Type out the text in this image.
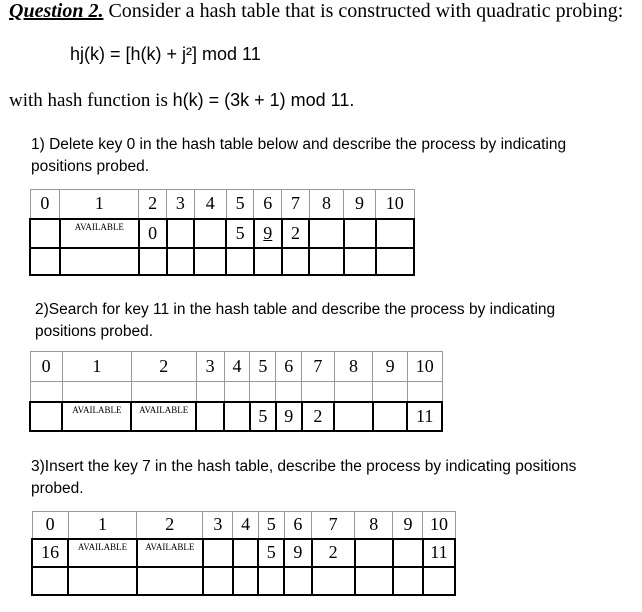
Question 2. Consider a hash table that is constructed with quadratic probing:
hj(k) = [h(k) + j²] mod 11
with hash function is h(k) = (3k + 1) mod 11.
1) Delete key 0 in the hash table below and describe the process by indicating positions probed.
0	1	2	3	4	5	6	7	8	9	10
	AVAILABLE	0			5	9	2			

2)Search for key 11 in the hash table and describe the process by indicating positions probed.
0	1	2	3	4	5	6	7	8	9	10

	AVAILABLE	AVAILABLE			5	9	2			11
3)Insert the key 7 in the hash table, describe the process by indicating positions probed.
0	1	2	3	4	5	6	7	8	9	10
16	AVAILABLE	AVAILABLE			5	9	2			11
